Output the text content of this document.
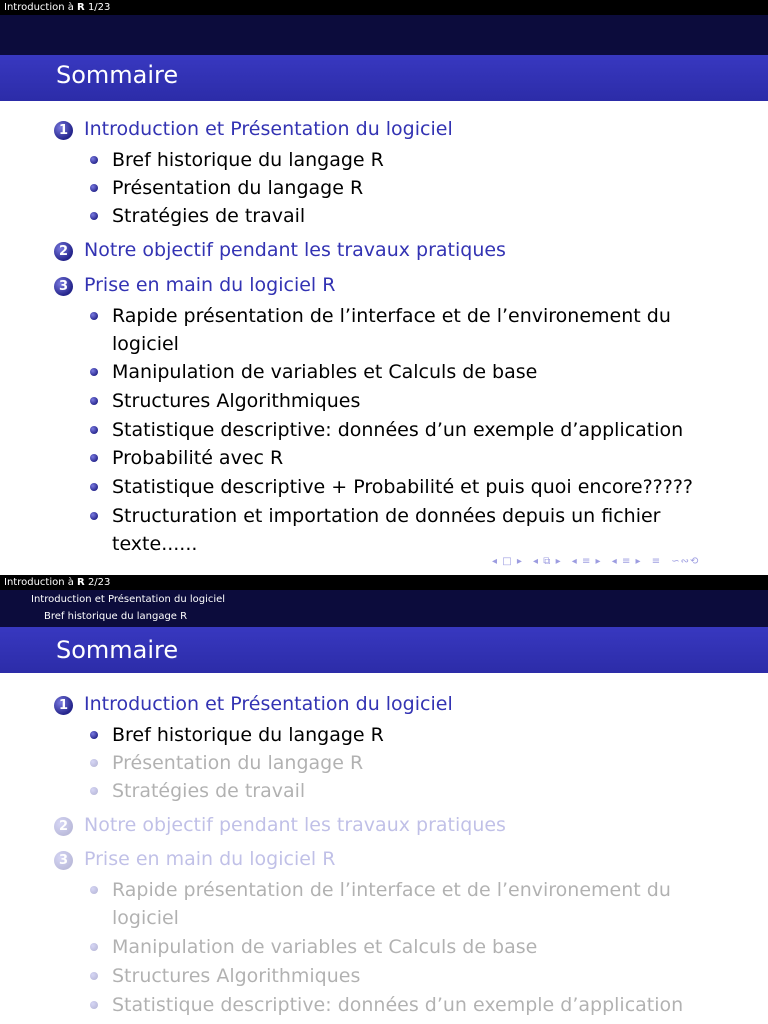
Introduction à R 1/23
Sommaire
1 Introduction et Présentation du logiciel
Bref historique du langage R
Présentation du langage R
Stratégies de travail
2 Notre objectif pendant les travaux pratiques
3 Prise en main du logiciel R
Rapide présentation de l’interface et de l’environement du logiciel
Manipulation de variables et Calculs de base
Structures Algorithmiques
Statistique descriptive: données d’un exemple d’application
Probabilité avec R
Statistique descriptive + Probabilité et puis quoi encore?????
Structuration et importation de données depuis un fichier texte......
◂ □ ▸ ◂ ⧉ ▸ ◂ ≡ ▸ ◂ ≡ ▸ ≡ ∽∾⟲
Introduction à R 2/23
Introduction et Présentation du logiciel
Bref historique du langage R
Sommaire
1 Introduction et Présentation du logiciel
Bref historique du langage R
Présentation du langage R
Stratégies de travail
2 Notre objectif pendant les travaux pratiques
3 Prise en main du logiciel R
Rapide présentation de l’interface et de l’environement du logiciel
Manipulation de variables et Calculs de base
Structures Algorithmiques
Statistique descriptive: données d’un exemple d’application
